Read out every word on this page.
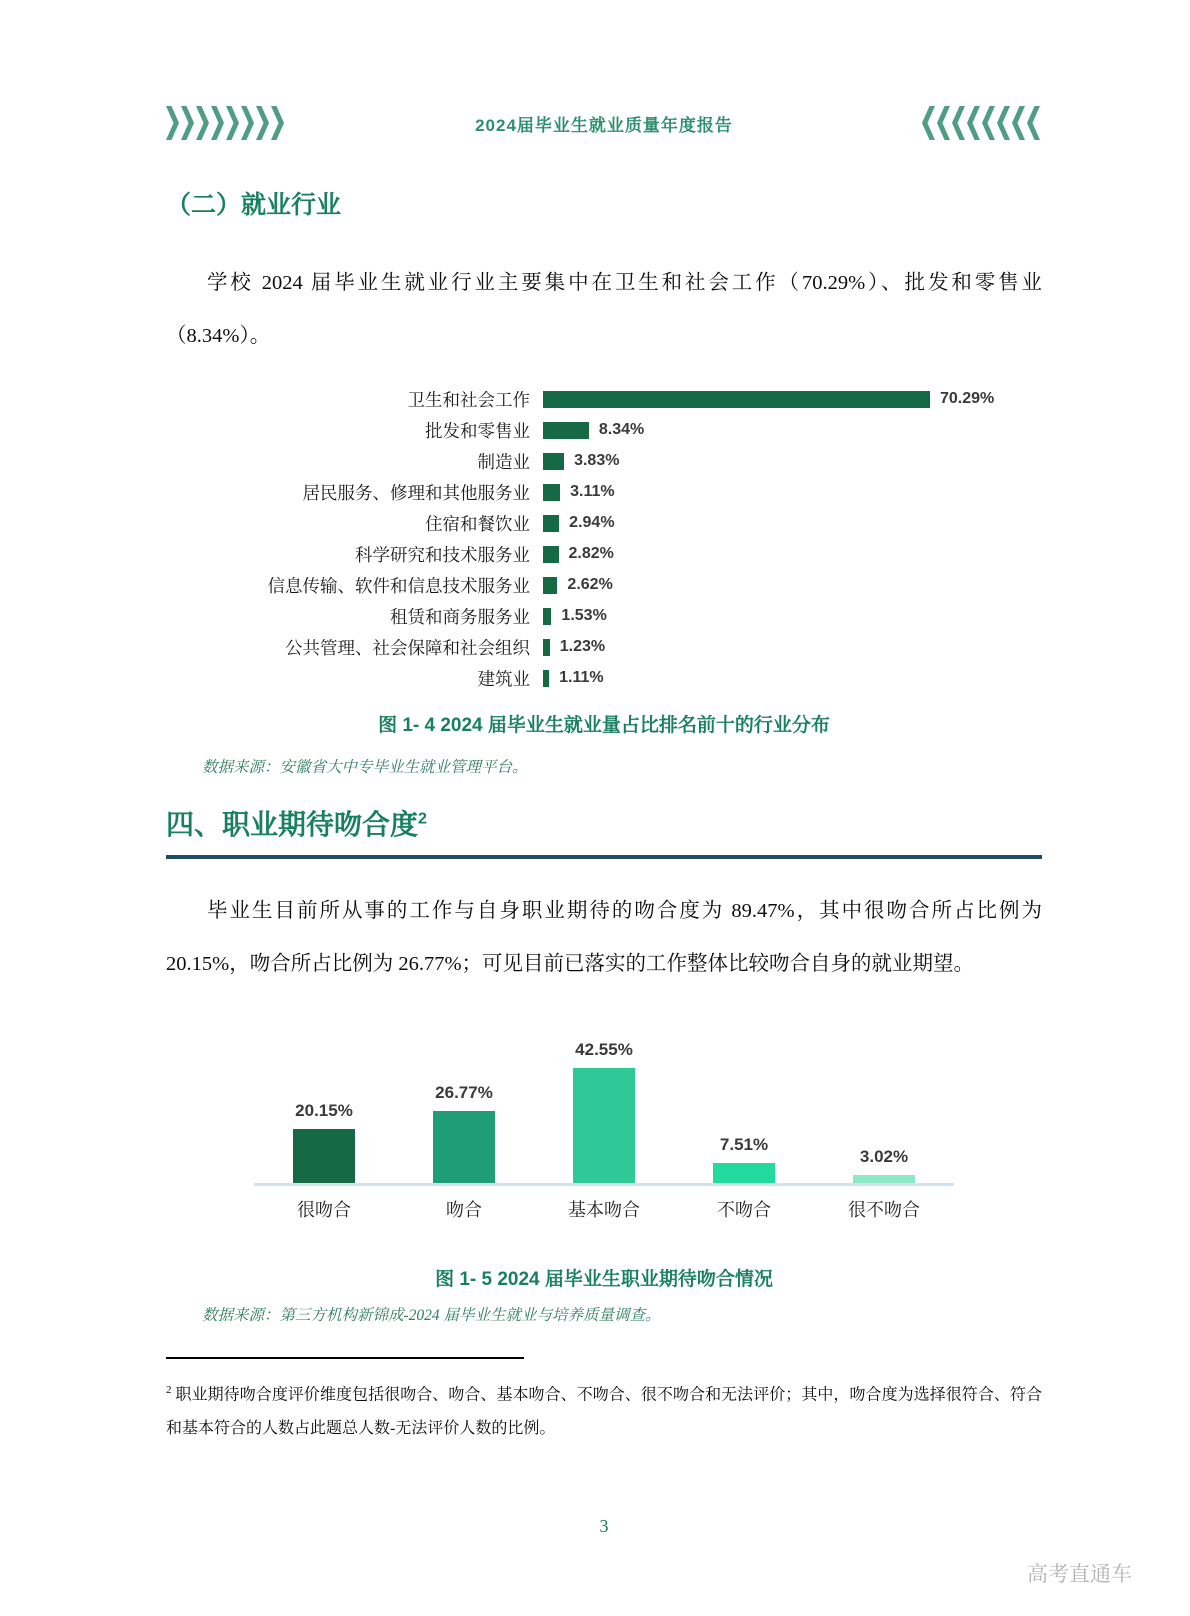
2024届毕业生就业质量年度报告
（二）就业行业

学校 2024 届毕业生就业行业主要集中在卫生和社会工作（70.29%）、批发和零售业（8.34%）。

卫生和社会工作	70.29%
批发和零售业	8.34%
制造业	3.83%
居民服务、修理和其他服务业	3.11%
住宿和餐饮业 2.94%
科学研究和技术服务业 2.82%
信息传输、软件和信息技术服务业 2.62%
租赁和商务服务业 1.53%
公共管理、社会保障和社会组织 1.23%
建筑业 1.11%
图 1- 4 2024 届毕业生就业量占比排名前十的行业分布
数据来源：安徽省大中专毕业生就业管理平台。
四、职业期待吻合度$^2$

毕业生目前所从事的工作与自身职业期待的吻合度为 89.47%，其中很吻合所占比例为 20.15%，吻合所占比例为 26.77%；可见目前已落实的工作整体比较吻合自身的就业期望。

20.15%
26.77%
42.55%
7.51%
3.02%
很吻合	吻合	基本吻合	不吻合	很不吻合
图 1- 5 2024 届毕业生职业期待吻合情况
数据来源：第三方机构新锦成-2024 届毕业生就业与培养质量调查。

$^2$ 职业期待吻合度评价维度包括很吻合、吻合、基本吻合、不吻合、很不吻合和无法评价；其中，吻合度为选择很符合、符合和基本符合的人数占此题总人数-无法评价人数的比例。

3
高考直通车
